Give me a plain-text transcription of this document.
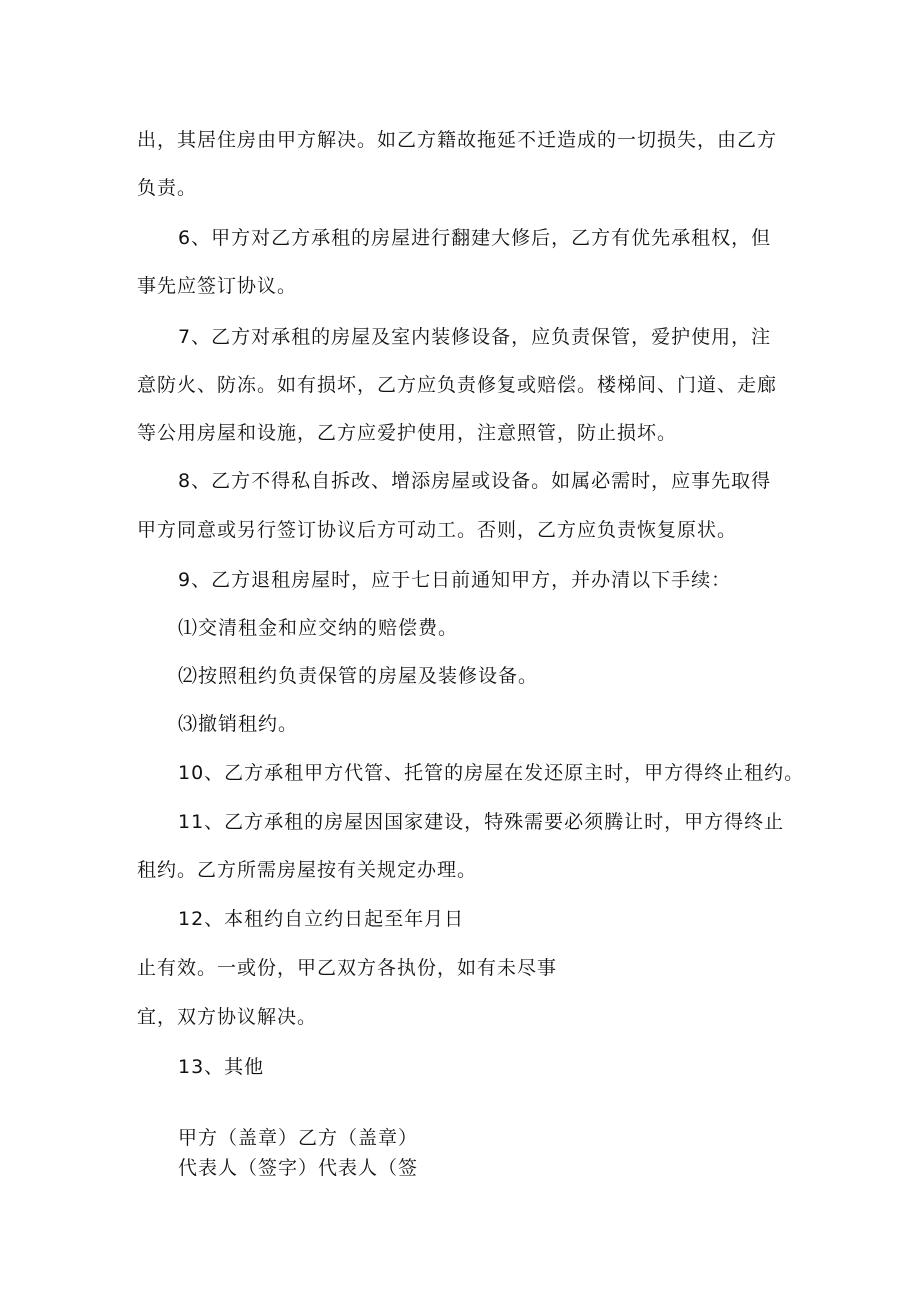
出，其居住房由甲方解决。如乙方籍故拖延不迁造成的一切损失，由乙方
负责。
6、甲方对乙方承租的房屋进行翻建大修后，乙方有优先承租权，但
事先应签订协议。
7、乙方对承租的房屋及室内装修设备，应负责保管，爱护使用，注
意防火、防冻。如有损坏，乙方应负责修复或赔偿。楼梯间、门道、走廊
等公用房屋和设施，乙方应爱护使用，注意照管，防止损坏。
8、乙方不得私自拆改、增添房屋或设备。如属必需时，应事先取得
甲方同意或另行签订协议后方可动工。否则，乙方应负责恢复原状。
9、乙方退租房屋时，应于七日前通知甲方，并办清以下手续：
⑴交清租金和应交纳的赔偿费。
⑵按照租约负责保管的房屋及装修设备。
⑶撤销租约。
10、乙方承租甲方代管、托管的房屋在发还原主时，甲方得终止租约。
11、乙方承租的房屋因国家建设，特殊需要必须腾让时，甲方得终止
租约。乙方所需房屋按有关规定办理。
12、本租约自立约日起至年月日
止有效。一或份，甲乙双方各执份，如有未尽事
宜，双方协议解决。
13、其他
甲方（盖章）乙方（盖章）
代表人（签字）代表人（签
